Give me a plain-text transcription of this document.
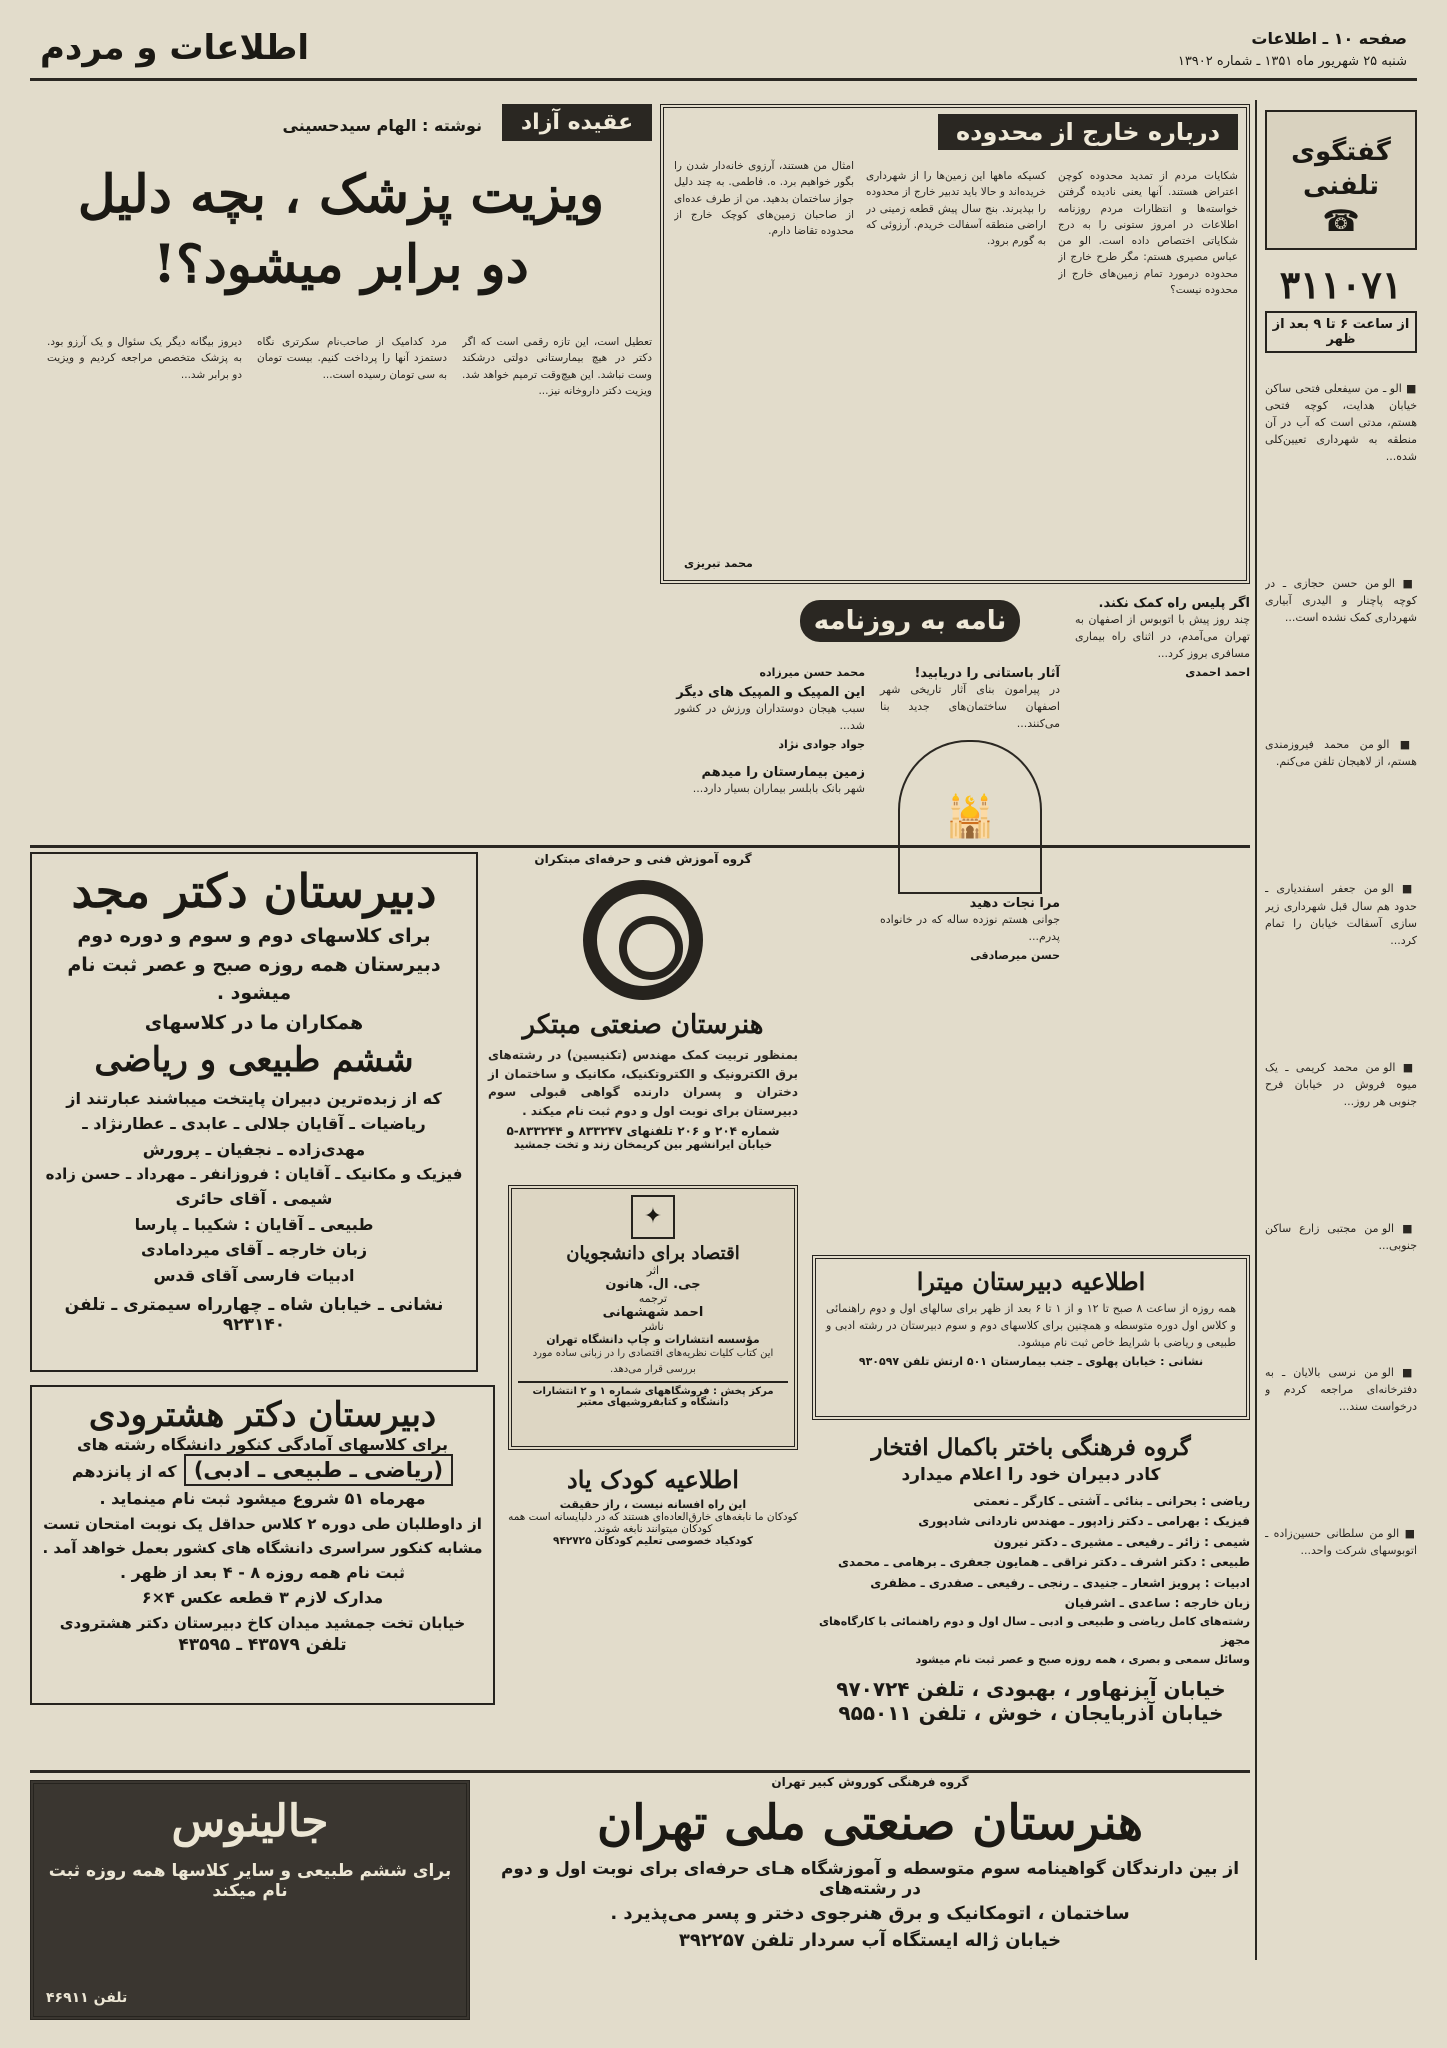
اطلاعات و مردم	صفحه ۱۰ ـ اطلاعات
شنبه ۲۵ شهریور ماه ۱۳۵۱ ـ شماره ۱۳۹۰۲
گفتگوی تلفنی
☎
۳۱۱۰۷۱
از ساعت ۶ تا ۹ بعد از ظهر
■ الو ـ من سیفعلی فتحی ساکن خیابان هدایت، کوچه فتحی هستم، مدتی است که آب در آن منطقه به شهرداری تعیین‌کلی شده...
■ الو من حسن حجازی ـ در کوچه پاچنار و الیدری آبیاری شهرداری کمک نشده است...
■ الو من محمد فیروزمندی هستم، از لاهیجان تلفن می‌کنم.
■ الو من جعفر اسفندیاری ـ حدود هم سال قبل شهرداری زیر سازی آسفالت خیابان را تمام کرد...
■ الو من محمد کریمی ـ یک میوه فروش در خیابان فرح جنوبی هر روز...
■ الو من مجتبی زارع ساکن جنوبی...
■ الو من نرسی بالایان ـ به دفترخانه‌ای مراجعه کردم و درخواست سند...
■ الو من سلطانی حسین‌زاده ـ اتوبوسهای شرکت واحد...
درباره خارج از محدوده
شکایات مردم از تمدید محدوده کوچن اعتراض هستند. آنها یعنی نادیده گرفتن خواسته‌ها و انتظارات مردم روزنامه اطلاعات در امروز ستونی را به درج شکایاتی اختصاص داده است. الو من عباس مصیری هستم: مگر طرح خارج از محدوده درمورد تمام زمین‌های خارج از محدوده نیست؟
کسیکه ماهها این زمین‌ها را از شهرداری خریده‌اند و حالا باید تدبیر خارج از محدوده را بپذیرند. بنج سال پیش قطعه زمینی در اراضی منطقه آسفالت خریدم. آرزوئی که به گورم برود.
امثال من هستند، آرزوی خانه‌دار شدن را بگور خواهیم برد. ه. فاطمی. به چند دلیل جواز ساختمان بدهید. من از طرف عده‌ای از صاحبان زمین‌های کوچک خارج از محدوده تقاضا دارم.
محمد تبریزی
عقیده آزاد
نوشته : الهام سیدحسینی
ویزیت پزشک ، بچه دلیل
دو برابر میشود؟!
تعطیل است، این تازه رقمی است که اگر دکتر در هیچ بیمارستانی دولتی درشکند وست نباشد. این هیچ‌وقت ترمیم خواهد شد. ویزیت دکتر داروخانه نیز...
مرد کدامیک از صاحب‌نام سکرتری نگاه دستمزد آنها را پرداخت کنیم. بیست تومان به سی تومان رسیده است...
دیروز بیگانه دیگر یک سئوال و یک آرزو بود. به پزشک متخصص مراجعه کردیم و ویزیت دو برابر شد...
نامه به روزنامه
اگر پلیس راه کمک نکند.
چند روز پیش با اتوبوس از اصفهان به تهران می‌آمدم، در اثنای راه بیماری مسافری بروز کرد...
احمد احمدی
آثار باستانی را دریابید!
در پیرامون بنای آثار تاریخی شهر اصفهان ساختمان‌های جدید بنا می‌کنند...
🕌
محمد حسن میرزاده
این المپیک و المپیک های دیگر
سبب هیجان دوستداران ورزش در کشور شد...
جواد جوادی نژاد
زمین بیمارستان را میدهم
شهر بانک بابلسر بیماران بسیار دارد...
مرا نجات دهید
جوانی هستم نوزده ساله که در خانواده پدرم...
حسن میرصادقی
دبیرستان دکتر مجد
برای کلاسهای دوم و سوم و دوره دوم دبیرستان همه روزه صبح و عصر ثبت نام میشود .
همکاران ما در کلاسهای
ششم طبیعی و ریاضی
که از زبده‌ترین دبیران پایتخت میباشند عبارتند از
ریاضیات ـ آقایان جلالی ـ عابدی ـ عطارنژاد ـ
مهدی‌زاده ـ نجفیان ـ پرورش
فیزیک و مکانیک ـ آقایان : فروزانفر ـ مهرداد ـ حسن زاده
شیمی . آقای حائری
طبیعی ـ آقایان : شکیبا ـ پارسا
زبان خارجه ـ آقای میردامادی
ادبیات فارسی آقای قدس
نشانی ـ خیابان شاه ـ چهارراه سیمتری ـ تلفن ۹۲۳۱۴۰
گروه آموزش فنی و حرفه‌ای مبتکران
هنرستان صنعتی مبتکر
بمنظور تربیت کمک مهندس (تکنیسین) در رشته‌های برق الکترونیک و الکتروتکنیک، مکانیک و ساختمان از دختران و پسران دارنده گواهی قبولی سوم دبیرستان برای نوبت اول و دوم ثبت نام میکند .
شماره ۲۰۴ و ۲۰۶ تلفنهای ۸۳۳۲۴۷ و ۸۳۳۲۴۴-۵
خیابان ایرانشهر بین کریمخان زند و تخت جمشید
✦
اقتصاد برای دانشجویان
اثر
جی. ال. هانون
ترجمه
احمد شهشهانی
ناشر
مؤسسه انتشارات و چاپ دانشگاه تهران
این کتاب کلیات نظریه‌های اقتصادی را در زبانی ساده مورد بررسی قرار می‌دهد.
مرکز پخش : فروشگاههای شماره ۱ و ۲ انتشارات دانشگاه و کتابفروشیهای معتبر
اطلاعیه کودک یاد
این راه افسانه نیست ، راز حقیقت
کودکان ما نابغه‌های خارق‌العاده‌ای هستند که در دلبایسانه است همه کودکان میتوانند نابغه شوند.
کودکیاد خصوصی تعلیم کودکان ۹۴۲۷۲۵
اطلاعیه دبیرستان میترا
همه روزه از ساعت ۸ صبح تا ۱۲ و از ۱ تا ۶ بعد از ظهر برای سالهای اول و دوم راهنمائی و کلاس اول دوره متوسطه و همچنین برای کلاسهای دوم و سوم دبیرستان در رشته ادبی و طبیعی و ریاضی با شرایط خاص ثبت نام میشود.
نشانی : خیابان پهلوی ـ جنب بیمارستان ۵۰۱ ارتش تلفن ۹۳۰۵۹۷
گروه فرهنگی باختر باکمال افتخار
کادر دبیران خود را اعلام میدارد
ریاضی : بحرانی ـ بنائی ـ آشتی ـ کارگر ـ نعمتی
فیزیک : بهرامی ـ دکتر زادپور ـ مهندس ناردانی شادپوری
شیمی : زائر ـ رفیعی ـ مشیری ـ دکتر نیرون
طبیعی : دکتر اشرف ـ دکتر نراقی ـ همایون جعفری ـ برهامی ـ محمدی
ادبیات : پرویز اشعار ـ جنیدی ـ رنجی ـ رفیعی ـ صفدری ـ مظفری
زبان خارجه : ساعدی ـ اشرفیان
رشته‌های کامل ریاضی و طبیعی و ادبی ـ سال اول و دوم راهنمائی با کارگاه‌های مجهز
وسائل سمعی و بصری ، همه روزه صبح و عصر ثبت نام میشود
خیابان آیزنهاور ، بهبودی ، تلفن ۹۷۰۷۲۴
خیابان آذربایجان ، خوش ، تلفن ۹۵۵۰۱۱
دبیرستان دکتر هشترودی
برای کلاسهای آمادگی کنکور دانشگاه رشته های
(ریاضی ـ طبیعی ـ ادبی) که از پانزدهم
مهرماه ۵۱ شروع میشود ثبت نام مینماید .
از داوطلبان طی دوره ۲ کلاس حداقل یک نوبت امتحان تست
مشابه کنکور سراسری دانشگاه های کشور بعمل خواهد آمد .
ثبت نام همه روزه ۸ - ۴ بعد از ظهر .
مدارک لازم ۳ قطعه عکس ۴×۶
خیابان تخت جمشید میدان کاخ دبیرستان دکتر هشترودی
تلفن ۴۳۵۷۹ ـ ۴۳۵۹۵
جالینوس
برای ششم طبیعی و سایر کلاسها همه روزه ثبت نام میکند
تلفن ۴۶۹۱۱
گروه فرهنگی کوروش کبیر تهران
هنرستان صنعتی ملی تهران
از بین دارندگان گواهینامه سوم متوسطه و آموزشگاه هـای حرفه‌ای برای نوبت اول و دوم در رشته‌های
ساختمان ، اتومکانیک و برق هنرجوی دختر و پسر می‌پذیرد .
خیابان ژاله ایستگاه آب سردار تلفن ۳۹۲۲۵۷
